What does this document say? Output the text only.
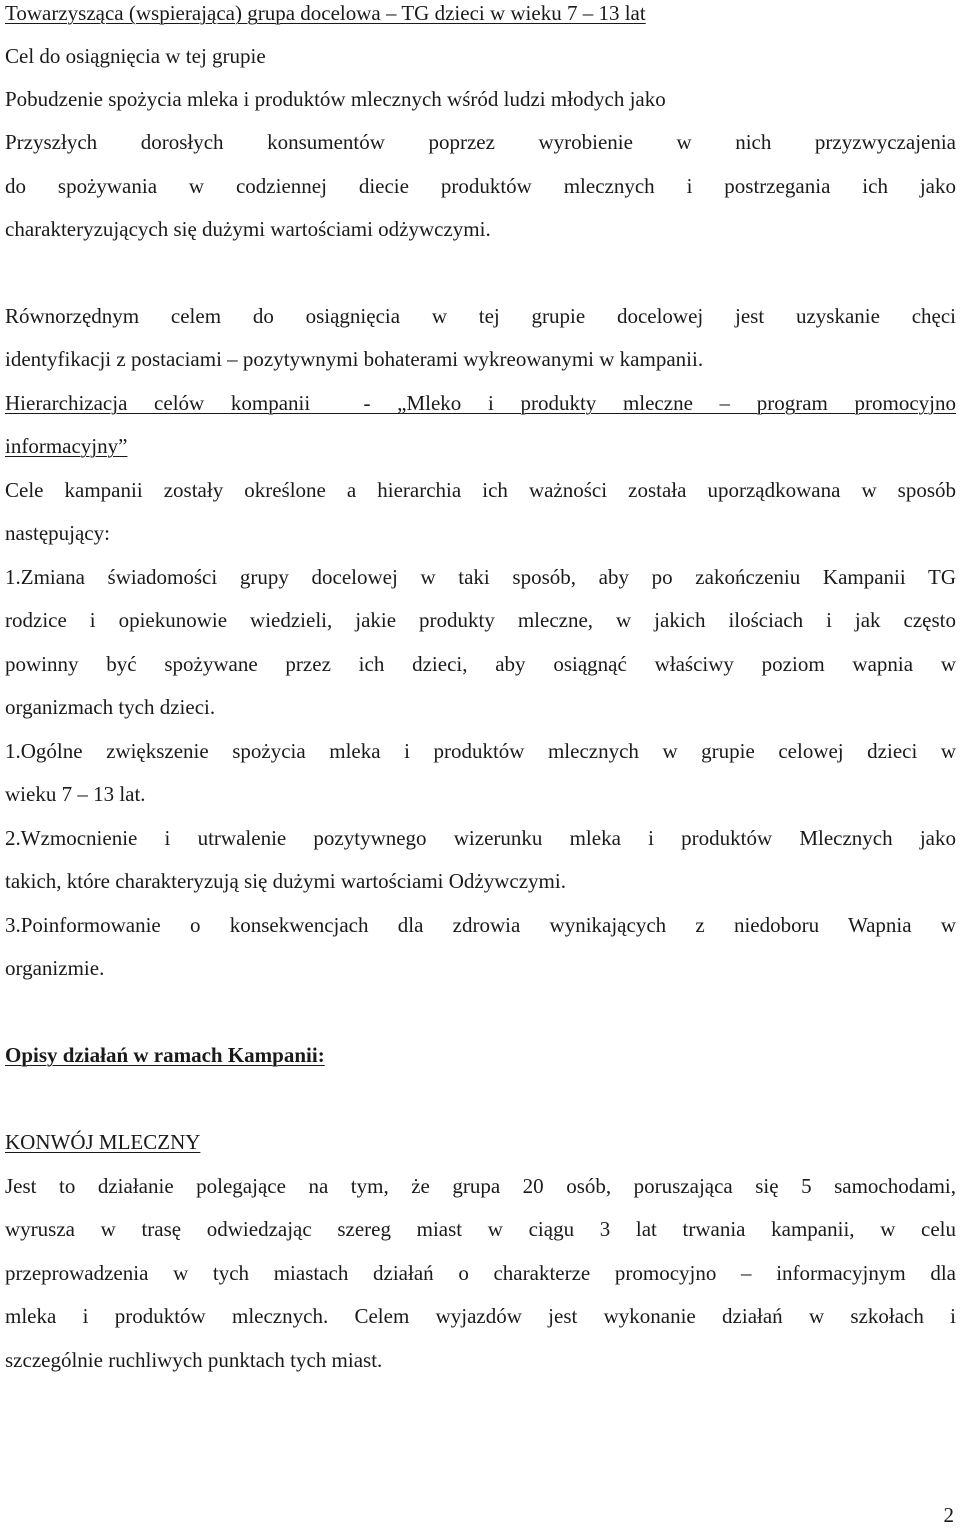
Towarzysząca (wspierająca) grupa docelowa – TG dzieci w wieku 7 – 13 lat
Cel do osiągnięcia w tej grupie
Pobudzenie spożycia mleka i produktów mlecznych wśród ludzi młodych jako
Przyszłych dorosłych konsumentów poprzez wyrobienie w nich przyzwyczajenia
do spożywania w codziennej diecie produktów mlecznych i postrzegania ich jako
charakteryzujących się dużymi wartościami odżywczymi.
Równorzędnym celem do osiągnięcia w tej grupie docelowej jest uzyskanie chęci
identyfikacji z postaciami – pozytywnymi bohaterami wykreowanymi w kampanii.
Hierarchizacja celów kompanii  - „Mleko i produkty mleczne – program promocyjno
informacyjny”
Cele kampanii zostały określone a hierarchia ich ważności została uporządkowana w sposób
następujący:
1.Zmiana świadomości grupy docelowej w taki sposób, aby po zakończeniu Kampanii TG
rodzice i opiekunowie wiedzieli, jakie produkty mleczne, w jakich ilościach i jak często
powinny być spożywane przez ich dzieci, aby osiągnąć właściwy poziom wapnia w
organizmach tych dzieci.
1.Ogólne zwiększenie spożycia mleka i produktów mlecznych w grupie celowej dzieci w
wieku 7 – 13 lat.
2.Wzmocnienie i utrwalenie pozytywnego wizerunku mleka i produktów Mlecznych jako
takich, które charakteryzują się dużymi wartościami Odżywczymi.
3.Poinformowanie o konsekwencjach dla zdrowia wynikających z niedoboru Wapnia w
organizmie.
Opisy działań w ramach Kampanii:
KONWÓJ MLECZNY
Jest to działanie polegające na tym, że grupa 20 osób, poruszająca się 5 samochodami,
wyrusza w trasę odwiedzając szereg miast w ciągu 3 lat trwania kampanii, w celu
przeprowadzenia w tych miastach działań o charakterze promocyjno – informacyjnym dla
mleka i produktów mlecznych. Celem wyjazdów jest wykonanie działań w szkołach i
szczególnie ruchliwych punktach tych miast.
2
